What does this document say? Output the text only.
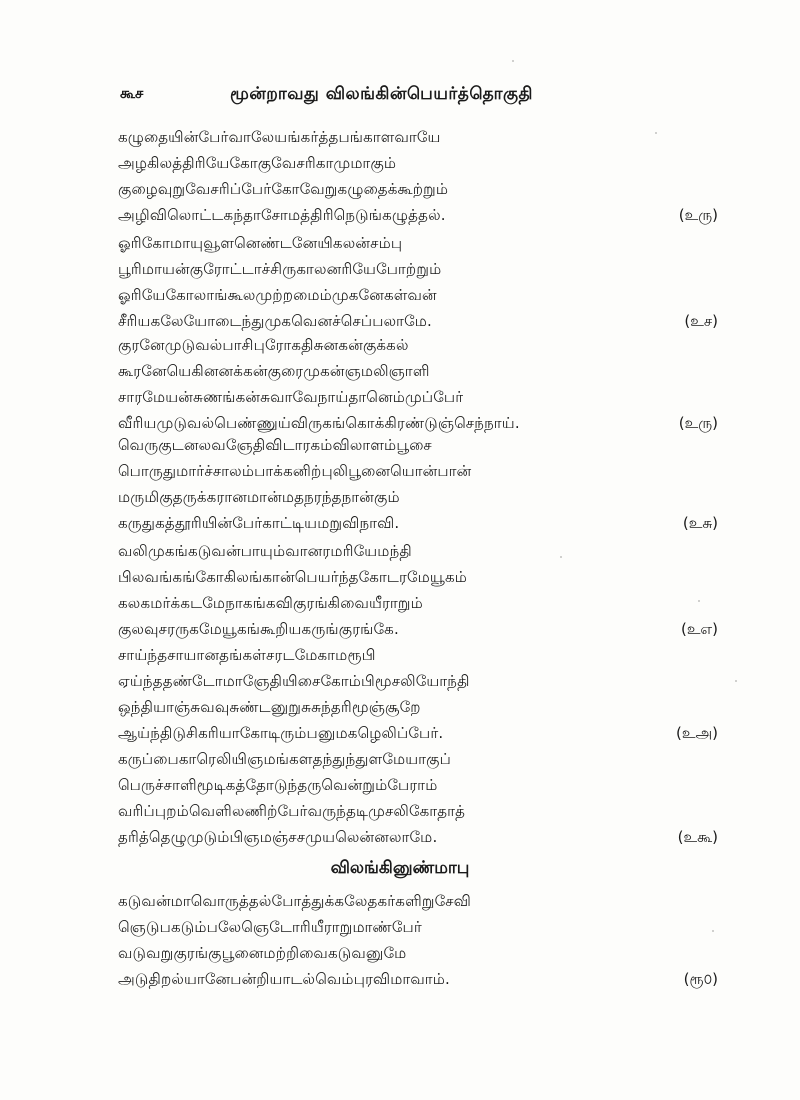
கூச	மூன்றாவது விலங்கின்பெயர்த்தொகுதி
கழுதையின்பேர்வாலேயங்கர்த்தபங்காளவாயே
அழகிலத்திரியேகோகுவேசரிகாமுமாகும்
குழைவுறுவேசரிப்பேர்கோவேறுகழுதைக்கூற்றும்
அழிவிலொட்டகந்தாசோமத்திரிநெடுங்கழுத்தல்.	(உரு)
ஓரிகோமாயுவூளனெண்டனேயிகலன்சம்பு
பூரிமாயன்குரோட்டாச்சிருகாலனரியேபோற்றும்
ஓரியேகோலாங்கூலமுற்றமைம்முகனேகள்வன்
சீரியகலேயோடைந்துமுகவெனச்செப்பலாமே.	(உச)
குரனேமுடுவல்பாசிபுரோகதிசுனகன்குக்கல்
கூரனேயெகினனக்கன்குரைமுகன்ஞமலிஞாளி
சாரமேயன்சுணங்கன்சுவாவேநாய்தானெம்முப்பேர்
வீரியமுடுவல்பெண்ணுய்விருகங்கொக்கிரண்டுஞ்செந்நாய்.	(உரு)
வெருகுடனலவஞேதிவிடாரகம்விலாளம்பூசை
பொருதுமார்ச்சாலம்பாக்கனிற்புலிபூனையொன்பான்
மருமிகுதருக்கரானமான்மதநரந்தநான்கும்
கருதுகத்தூரியின்பேர்காட்டியமறுவிநாவி.	(உசு)
வலிமுகங்கடுவன்பாயும்வானரமரியேமந்தி
பிலவங்கங்கோகிலங்கான்பெயர்ந்தகோடரமேயூகம்
கலகமர்க்கடமேநாகங்கவிகுரங்கிவையீராறும்
குலவுசரருகமேயூகங்கூறியகருங்குரங்கே.	(உஎ)
சாய்ந்தசாயானதங்கள்சரடமேகாமரூபி
ஏய்ந்ததண்டோமாஞேதியிசைகோம்பிமூசலியோந்தி
ஒந்தியாஞ்சுவவுசுண்டனுறுசுசுந்தரிமூஞ்சூறே
ஆய்ந்திடுசிகரியாகோடிரும்பனுமகழெலிப்பேர்.	(உஅ)
கருப்பைகாரெலியிஞமங்களதந்துந்துளமேயாகுப்
பெருச்சாளிமூடிகத்தோடுந்தருவென்றும்பேராம்
வரிப்புறம்வெளிலணிற்பேர்வருந்தடிமுசலிகோதாத்
தரித்தெழுமுடும்பிஞமஞ்சசமுயலென்னலாமே.	(உகூ)
விலங்கினுண்மாபு
கடுவன்மாவொருத்தல்போத்துக்கலேதகர்களிறுசேவி
ஞெடுபகடும்பலேஞெடோரியீராறுமாண்பேர்
வடுவறுகுரங்குபூனைமற்றிவைகடுவனுமே
அடுதிறல்யானேபன்றியாடல்வெம்புரவிமாவாம்.	(ரூ௦)
